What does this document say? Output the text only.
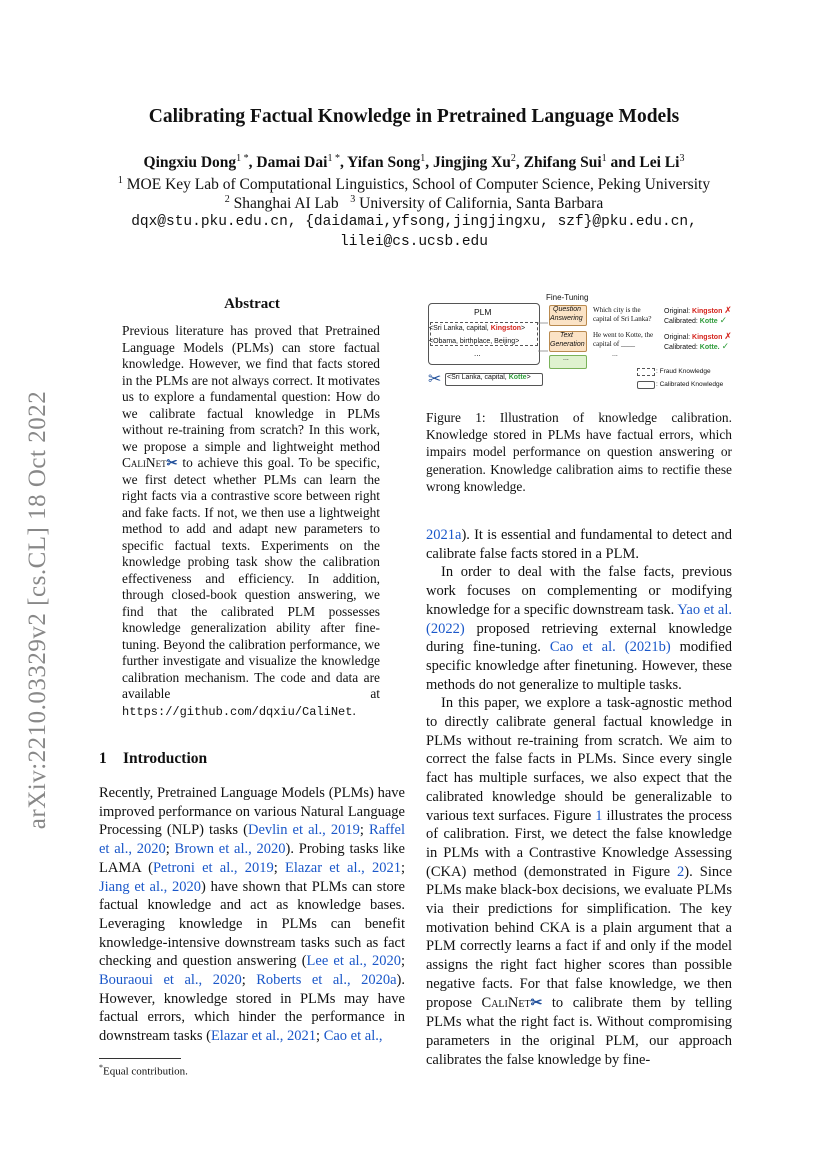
arXiv:2210.03329v2 [cs.CL] 18 Oct 2022
Calibrating Factual Knowledge in Pretrained Language Models
Qingxiu Dong$^{1 *}$, Damai Dai$^{1 *}$, Yifan Song$^1$, Jingjing Xu$^2$, Zhifang Sui$^1$ and Lei Li$^3$
$^1$ MOE Key Lab of Computational Linguistics, School of Computer Science, Peking University
$^2$ Shanghai AI Lab $^3$ University of California, Santa Barbara
dqx@stu.pku.edu.cn, {daidamai,yfsong,jingjingxu, szf}@pku.edu.cn,
lilei@cs.ucsb.edu
Abstract
Previous literature has proved that Pretrained Language Models (PLMs) can store factual knowledge. However, we find that facts stored in the PLMs are not always correct. It motivates us to explore a fundamental question: How do we calibrate factual knowledge in PLMs without re-training from scratch? In this work, we propose a simple and lightweight method CaliNet✂ to achieve this goal. To be specific, we first detect whether PLMs can learn the right facts via a contrastive score between right and fake facts. If not, we then use a lightweight method to add and adapt new parameters to specific factual texts. Experiments on the knowledge probing task show the calibration effectiveness and efficiency. In addition, through closed-book question answering, we find that the calibrated PLM possesses knowledge generalization ability after fine-tuning. Beyond the calibration performance, we further investigate and visualize the knowledge calibration mechanism. The code and data are available at https://github.com/dqxiu/CaliNet.
1 Introduction

Recently, Pretrained Language Models (PLMs) have improved performance on various Natural Language Processing (NLP) tasks (Devlin et al., 2019; Raffel et al., 2020; Brown et al., 2020). Probing tasks like LAMA (Petroni et al., 2019; Elazar et al., 2021; Jiang et al., 2020) have shown that PLMs can store factual knowledge and act as knowledge bases. Leveraging knowledge in PLMs can benefit knowledge-intensive downstream tasks such as fact checking and question answering (Lee et al., 2020; Bouraoui et al., 2020; Roberts et al., 2020a). However, knowledge stored in PLMs may have factual errors, which hinder the performance in downstream tasks (Elazar et al., 2021; Cao et al.,

*Equal contribution.
Fine-Tuning
PLM
<Sri Lanka, capital, Kingston>
<Obama, birthplace, Beijing>
...
Question
Answering
Text
Generation
...
Which city is the
capital of Sri Lanka?
He went to Kotte, the
capital of ____
...
Original: Kingston ✗
Calibrated: Kotte ✓
Original: Kingston ✗
Calibrated: Kotte. ✓
✂ <Sri Lanka, capital, Kotte>
: Fraud Knowledge
: Calibrated Knowledge
Figure 1: Illustration of knowledge calibration. Knowledge stored in PLMs have factual errors, which impairs model performance on question answering or generation. Knowledge calibration aims to rectifie these wrong knowledge.

2021a). It is essential and fundamental to detect and calibrate false facts stored in a PLM.

In order to deal with the false facts, previous work focuses on complementing or modifying knowledge for a specific downstream task. Yao et al. (2022) proposed retrieving external knowledge during fine-tuning. Cao et al. (2021b) modified specific knowledge after finetuning. However, these methods do not generalize to multiple tasks.

In this paper, we explore a task-agnostic method to directly calibrate general factual knowledge in PLMs without re-training from scratch. We aim to correct the false facts in PLMs. Since every single fact has multiple surfaces, we also expect that the calibrated knowledge should be generalizable to various text surfaces. Figure 1 illustrates the process of calibration. First, we detect the false knowledge in PLMs with a Contrastive Knowledge Assessing (CKA) method (demonstrated in Figure 2). Since PLMs make black-box decisions, we evaluate PLMs via their predictions for simplification. The key motivation behind CKA is a plain argument that a PLM correctly learns a fact if and only if the model assigns the right fact higher scores than possible negative facts. For that false knowledge, we then propose CaliNet✂ to calibrate them by telling PLMs what the right fact is. Without compromising parameters in the original PLM, our approach calibrates the false knowledge by fine-
